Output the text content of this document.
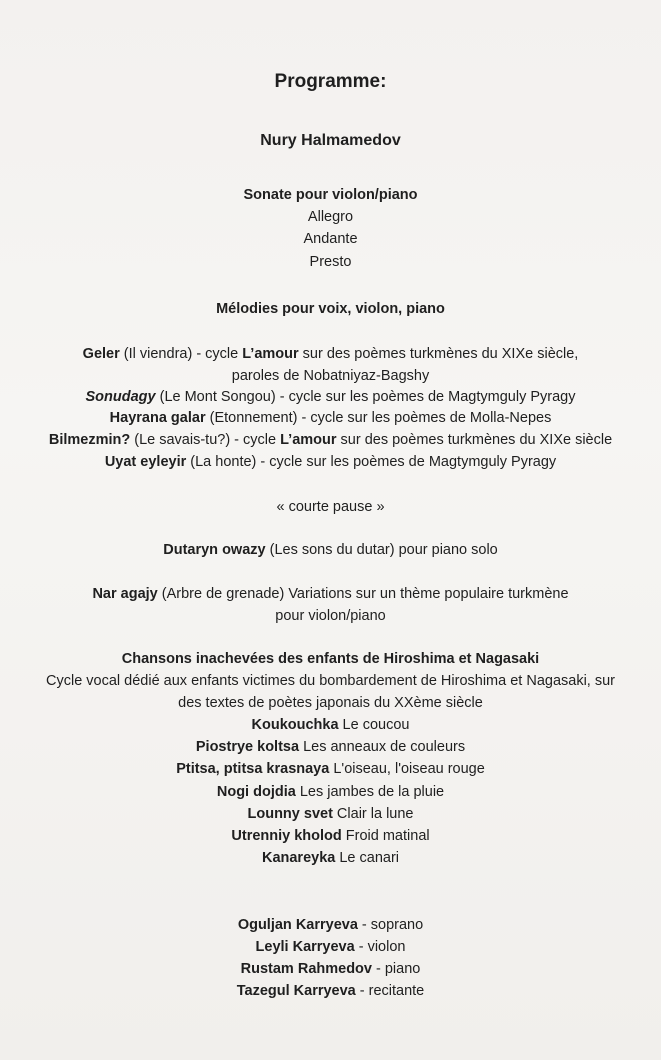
Programme:
Nury Halmamedov
Sonate pour violon/piano
Allegro
Andante
Presto
Mélodies pour voix, violon, piano
Geler (Il viendra) - cycle L’amour sur des poèmes turkmènes du XIXe siècle,
paroles de Nobatniyaz-Bagshy
Sonudagy (Le Mont Songou) - cycle sur les poèmes de Magtymguly Pyragy
Hayrana galar (Etonnement) - cycle sur les poèmes de Molla-Nepes
Bilmezmin? (Le savais-tu?) - cycle L’amour sur des poèmes turkmènes du XIXe siècle
Uyat eyleyir (La honte) - cycle sur les poèmes de Magtymguly Pyragy
« courte pause »
Dutaryn owazy (Les sons du dutar) pour piano solo
Nar agajy (Arbre de grenade) Variations sur un thème populaire turkmène
pour violon/piano
Chansons inachevées des enfants de Hiroshima et Nagasaki
Cycle vocal dédié aux enfants victimes du bombardement de Hiroshima et Nagasaki, sur
des textes de poètes japonais du XXème siècle
Koukouchka Le coucou
Piostrye koltsa Les anneaux de couleurs
Ptitsa, ptitsa krasnaya L'oiseau, l'oiseau rouge
Nogi dojdia Les jambes de la pluie
Lounny svet Clair la lune
Utrenniy kholod Froid matinal
Kanareyka Le canari
Oguljan Karryeva - soprano
Leyli Karryeva - violon
Rustam Rahmedov - piano
Tazegul Karryeva - recitante
